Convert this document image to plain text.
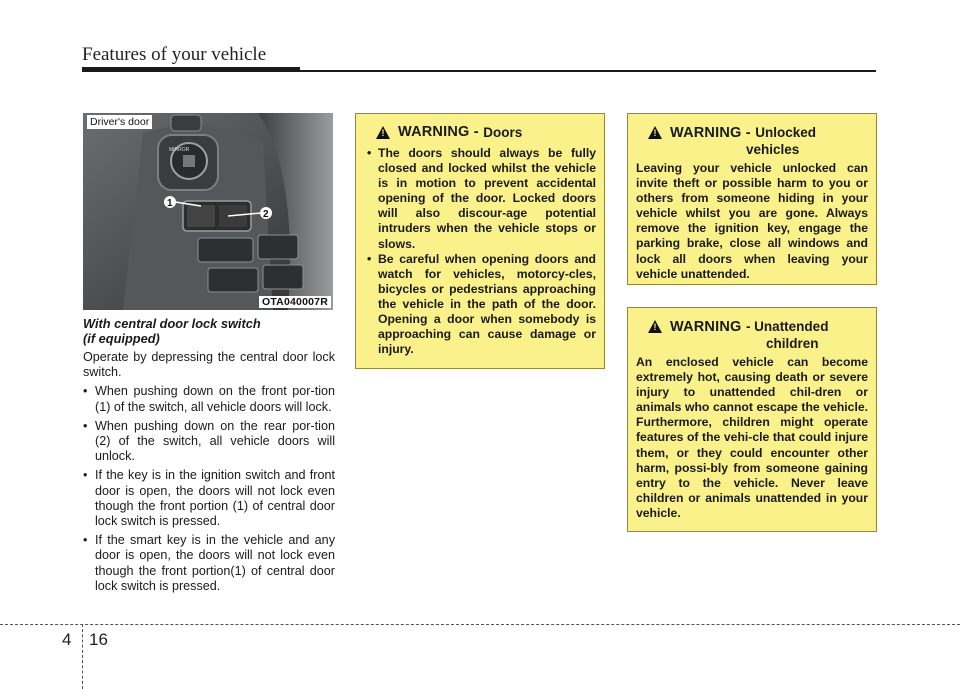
Features of your vehicle
1
2
MIRROR
Driver's door
OTA040007R
With central door lock switch
(if equipped)

Operate by depressing the central door lock switch.

• When pushing down on the front por-tion (1) of the switch, all vehicle doors will lock.
• When pushing down on the rear por-tion (2) of the switch, all vehicle doors will unlock.
• If the key is in the ignition switch and front door is open, the doors will not lock even though the front portion (1) of central door lock switch is pressed.
• If the smart key is in the vehicle and any door is open, the doors will not lock even though the front portion(1) of central door lock switch is pressed.
! WARNING -
Doors
• The doors should always be fully closed and locked whilst the vehicle is in motion to prevent accidental opening of the door. Locked doors will also discour-age potential intruders when the vehicle stops or slows.
• Be careful when opening doors and watch for vehicles, motorcy-cles, bicycles or pedestrians approaching the vehicle in the path of the door. Opening a door when somebody is approaching can cause damage or injury.
! WARNING - Unlocked
vehicles
Leaving your vehicle unlocked can invite theft or possible harm to you or others from someone hiding in your vehicle whilst you are gone. Always remove the ignition key, engage the parking brake, close all windows and lock all doors when leaving your vehicle unattended.
! WARNING - Unattended
children
An enclosed vehicle can become extremely hot, causing death or severe injury to unattended chil-dren or animals who cannot escape the vehicle. Furthermore, children might operate features of the vehi-cle that could injure them, or they could encounter other harm, possi-bly from someone gaining entry to the vehicle. Never leave children or animals unattended in your vehicle.
4 16
